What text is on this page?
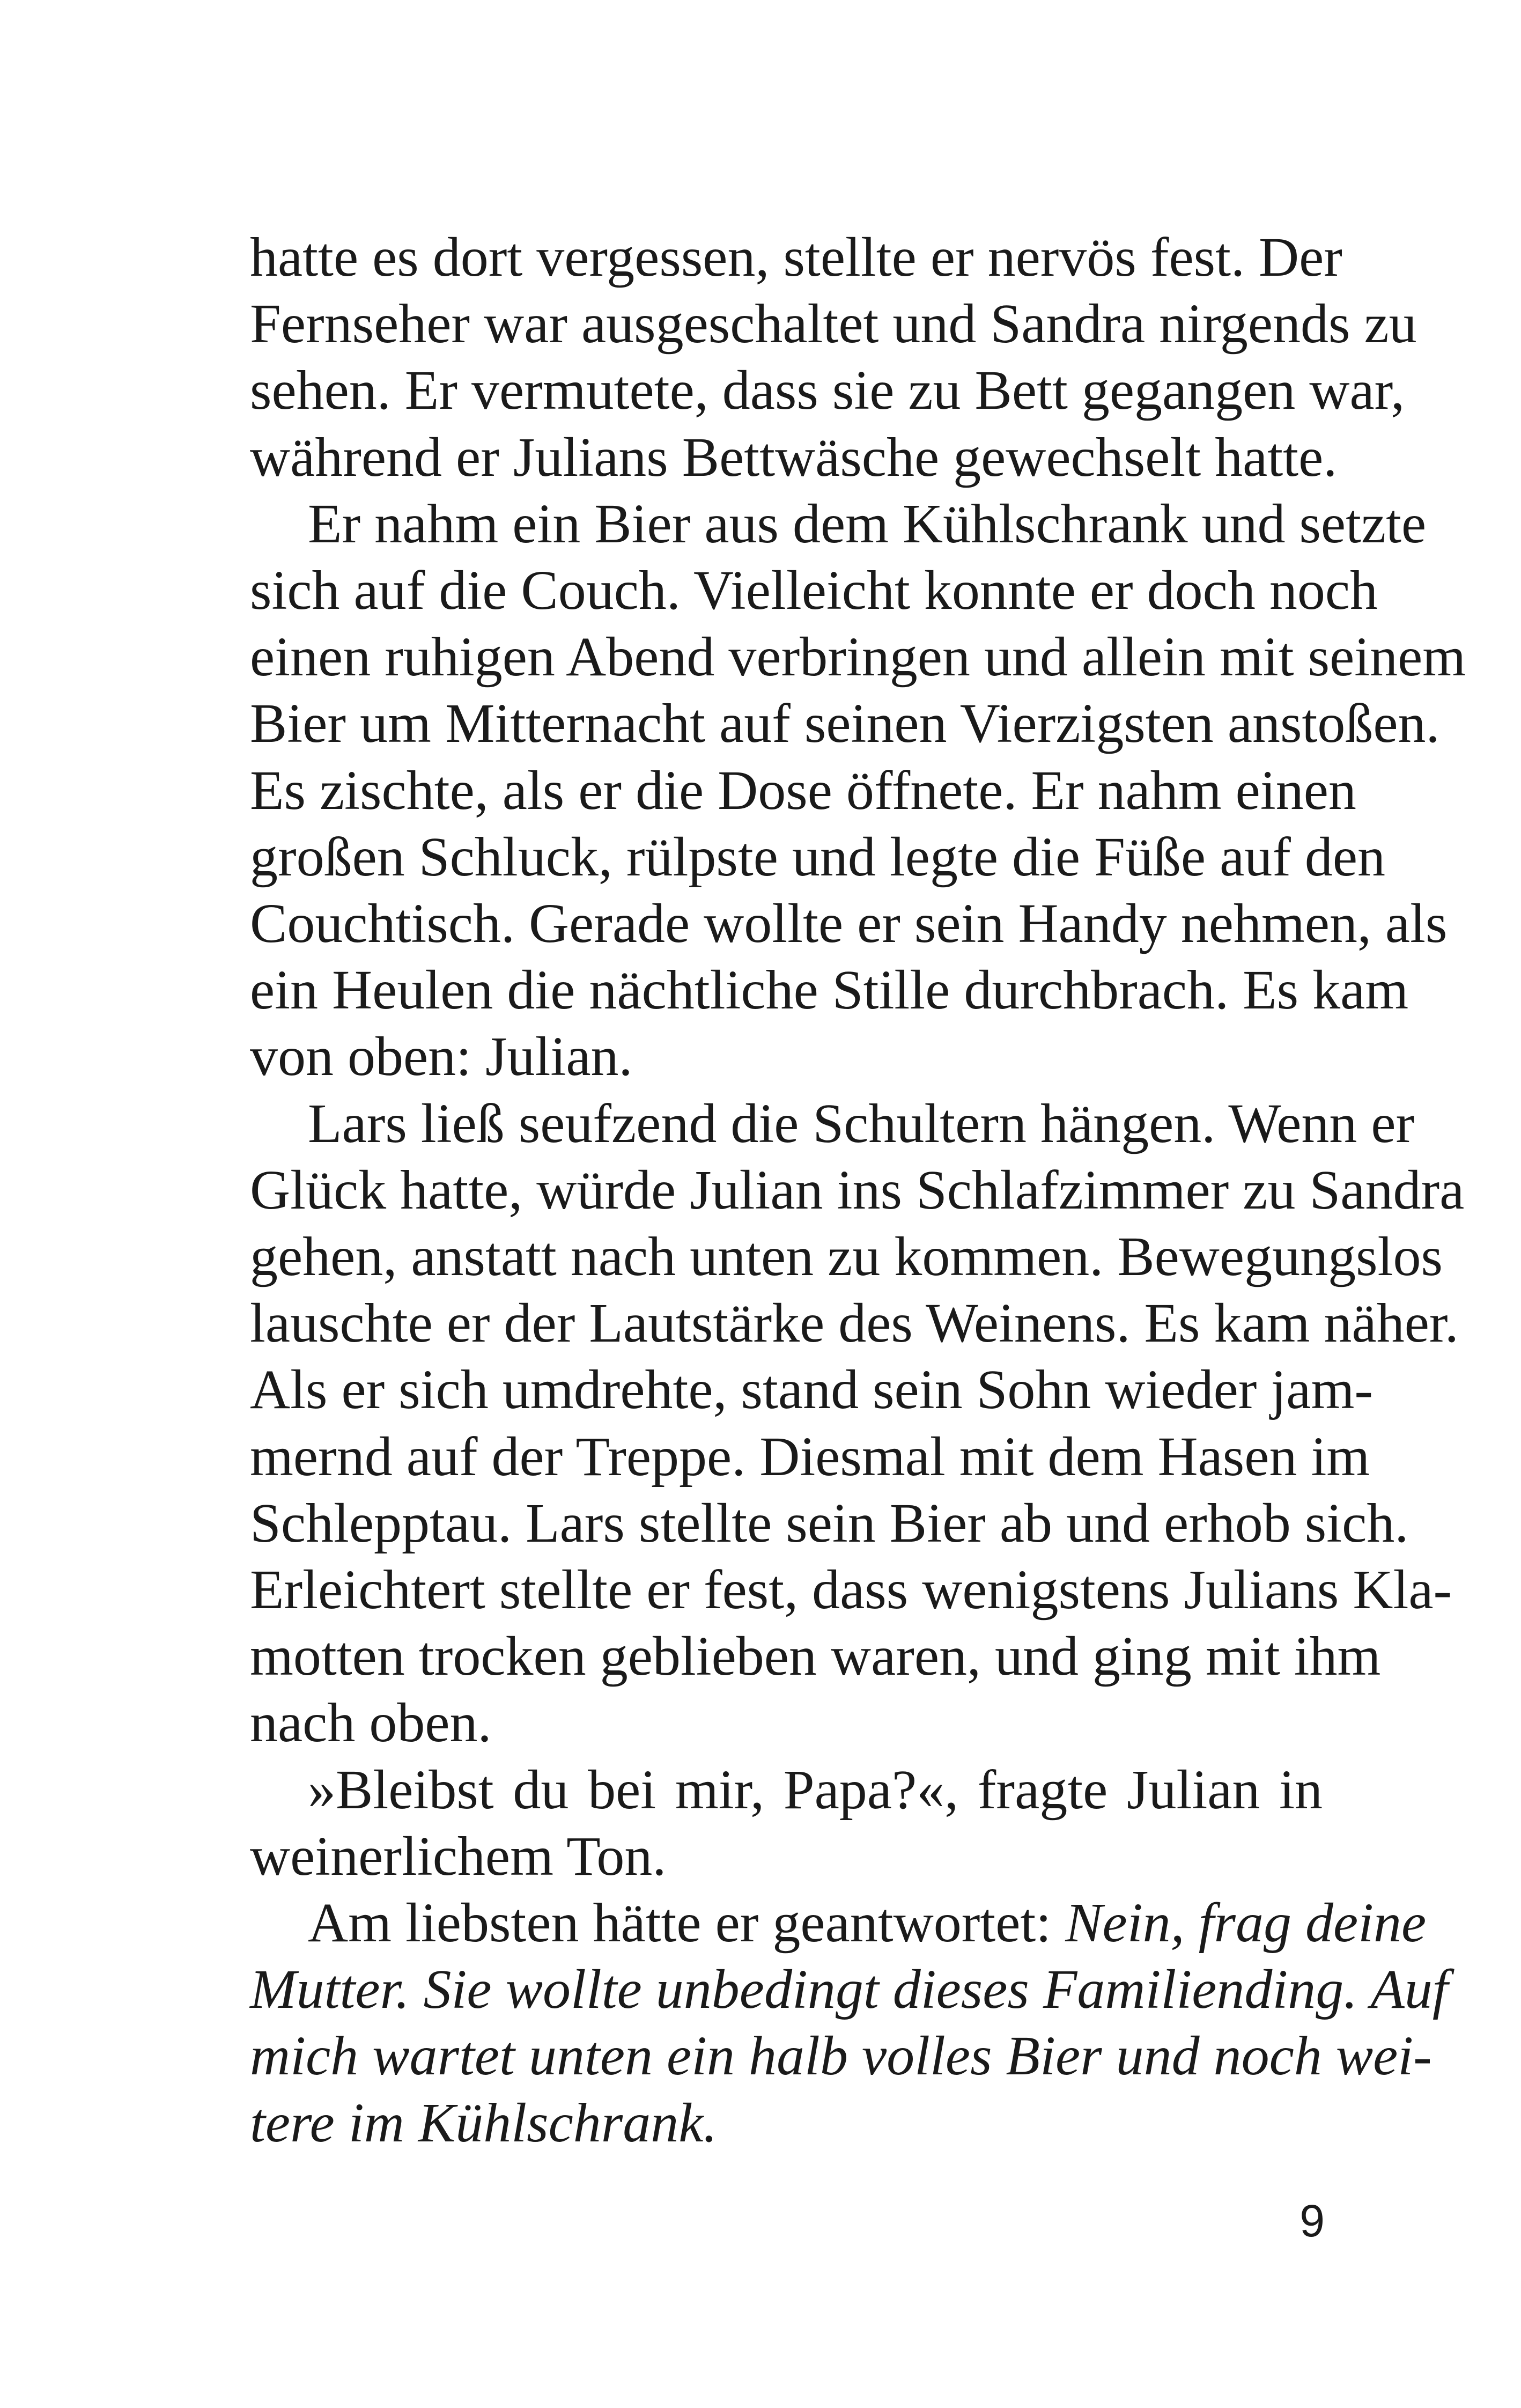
hatte es dort vergessen, stellte er nervös fest. Der
Fernseher war ausgeschaltet und Sandra nirgends zu
sehen. Er vermutete, dass sie zu Bett gegangen war,
während er Julians Bettwäsche gewechselt hatte.

Er nahm ein Bier aus dem Kühlschrank und setzte
sich auf die Couch. Vielleicht konnte er doch noch
einen ruhigen Abend verbringen und allein mit seinem
Bier um Mitternacht auf seinen Vierzigsten anstoßen.
Es zischte, als er die Dose öffnete. Er nahm einen
großen Schluck, rülpste und legte die Füße auf den
Couchtisch. Gerade wollte er sein Handy nehmen, als
ein Heulen die nächtliche Stille durchbrach. Es kam
von oben: Julian.

Lars ließ seufzend die Schultern hängen. Wenn er
Glück hatte, würde Julian ins Schlafzimmer zu Sandra
gehen, anstatt nach unten zu kommen. Bewegungslos
lauschte er der Lautstärke des Weinens. Es kam näher.
Als er sich umdrehte, stand sein Sohn wieder jam-
mernd auf der Treppe. Diesmal mit dem Hasen im
Schlepptau. Lars stellte sein Bier ab und erhob sich.
Erleichtert stellte er fest, dass wenigstens Julians Kla-
motten trocken geblieben waren, und ging mit ihm
nach oben.

»Bleibst du bei mir, Papa?«, fragte Julian in
weinerlichem Ton.

Am liebsten hätte er geantwortet: Nein, frag deine
Mutter. Sie wollte unbedingt dieses Familiending. Auf
mich wartet unten ein halb volles Bier und noch wei-
tere im Kühlschrank.

9
